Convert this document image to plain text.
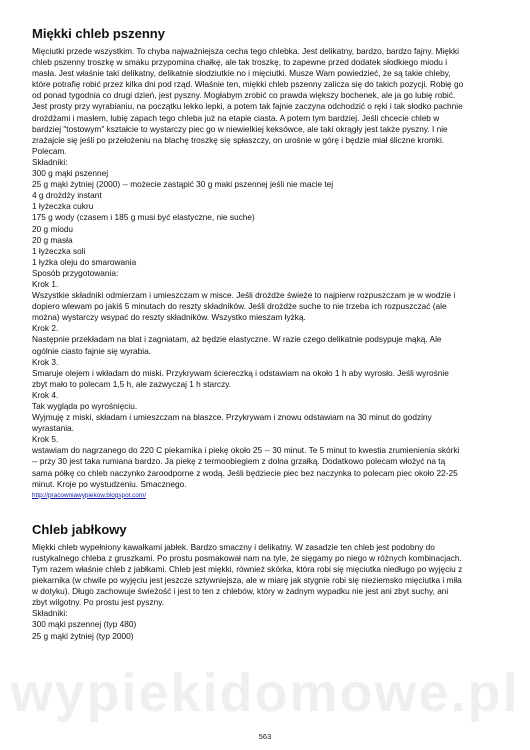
Miękki chleb pszenny

Mięciutki przede wszystkim. To chyba najważniejsza cecha tego chlebka. Jest delikatny, bardzo, bardzo fajny. Miękki
chleb pszenny troszkę w smaku przypomina chałkę, ale tak troszkę, to zapewne przed dodatek słodkiego miodu i
masła. Jest właśnie taki delikatny, delikatnie słodziutkie no i mięciutki. Musze Wam powiedzieć, że są takie chleby,
które potrafię robić przez kilka dni pod rząd. Właśnie ten, miękki chleb pszenny zalicza się do takich pozycji. Robię go
od ponad tygodnia co drugi dzień, jest pyszny. Mogłabym zrobić co prawda większy bochenek, ale ja go lubię robić.
Jest prosty przy wyrabianiu, na początku lekko lepki, a potem tak fajnie zaczyna odchodzić o ręki i tak słodko pachnie
drożdżami i masłem, lubię zapach tego chleba już na etapie ciasta. A potem tym bardziej. Jeśli chcecie chleb w
bardziej "tostowym" kształcie to wystarczy piec go w niewielkiej keksówce, ale taki okrągły jest także pyszny. I nie
zrażajcie się jeśli po przełożeniu na blachę troszkę się spłaszczy, on urośnie w górę i będzie miał śliczne kromki.
Polecam.
Składniki:
300 g mąki pszennej
25 g mąki żytniej (2000) -- możecie zastąpić 30 g maki pszennej jeśli nie macie tej
4 g drożdży instant
1 łyżeczka cukru
175 g wody (czasem i 185 g musi być elastyczne, nie suche)
20 g miodu
20 g masła
1 łyżeczka soli
1 łyżka oleju do smarowania
Sposób przygotowania:
Krok 1.
Wszystkie składniki odmierzam i umieszczam w misce. Jeśli drożdże świeże to najpierw rozpuszczam je w wodzie i
dopiero wlewam po jakiś 5 minutach do reszty składników. Jeśli drożdże suche to nie trzeba ich rozpuszczać (ale
można) wystarczy wsypać do reszty składników. Wszystko mieszam łyżką.
Krok 2.
Następnie przekładam na blat i zagniatam, aż będzie elastyczne. W razie czego delikatnie podsypuje mąką. Ale
ogólnie ciasto fajnie się wyrabia.
Krok 3.
Smaruje olejem i wkładam do miski. Przykrywam ściereczką i odstawiam na około 1 h aby wyrosło. Jeśli wyrośnie
zbyt mało to polecam 1,5 h, ale zazwyczaj 1 h starczy.
Krok 4.
Tak wygląda po wyrośnięciu.
Wyjmuję z miski, składam i umieszczam na blaszce. Przykrywam i znowu odstawiam na 30 minut do godziny
wyrastania.
Krok 5.
wstawiam do nagrzanego do 220 C piekarnika i piekę około 25 -- 30 minut. Te 5 minut to kwestia zrumienienia skórki
-- przy 30 jest taka rumiana bardzo. Ja piekę z termoobiegiem z dolna grzałką. Dodatkowo polecam włożyć na tą
sama półkę co chleb naczynko żaroodporne z wodą. Jeśli będziecie piec bez naczynka to polecam piec około 22-25
minut. Kroje po wystudzeniu. Smacznego.

http://pracowniawypiekow.blogspot.com/
Chleb jabłkowy

Miękki chleb wypełniony kawałkami jabłek. Bardzo smaczny i delikatny. W zasadzie ten chleb jest podobny do
rustykalnego chleba z gruszkami. Po prostu posmakował nam na tyle, że sięgamy po niego w różnych kombinacjach.
Tym razem właśnie chleb z jabłkami. Chleb jest miękki, również skórka, która robi się mięciutka niedługo po wyjęciu z
piekarnika (w chwile po wyjęciu jest jeszcze sztywniejsza, ale w miarę jak stygnie robi się nieziemsko mięciutka i miła
w dotyku). Długo zachowuje świeżość i jest to ten z chlebów, który w żadnym wypadku nie jest ani zbyt suchy, ani
zbyt wilgotny. Po prostu jest pyszny.
Składniki:
300 mąki pszennej (typ 480)
25 g mąki żytniej (typ 2000)

wypiekidomowe.pl
563
